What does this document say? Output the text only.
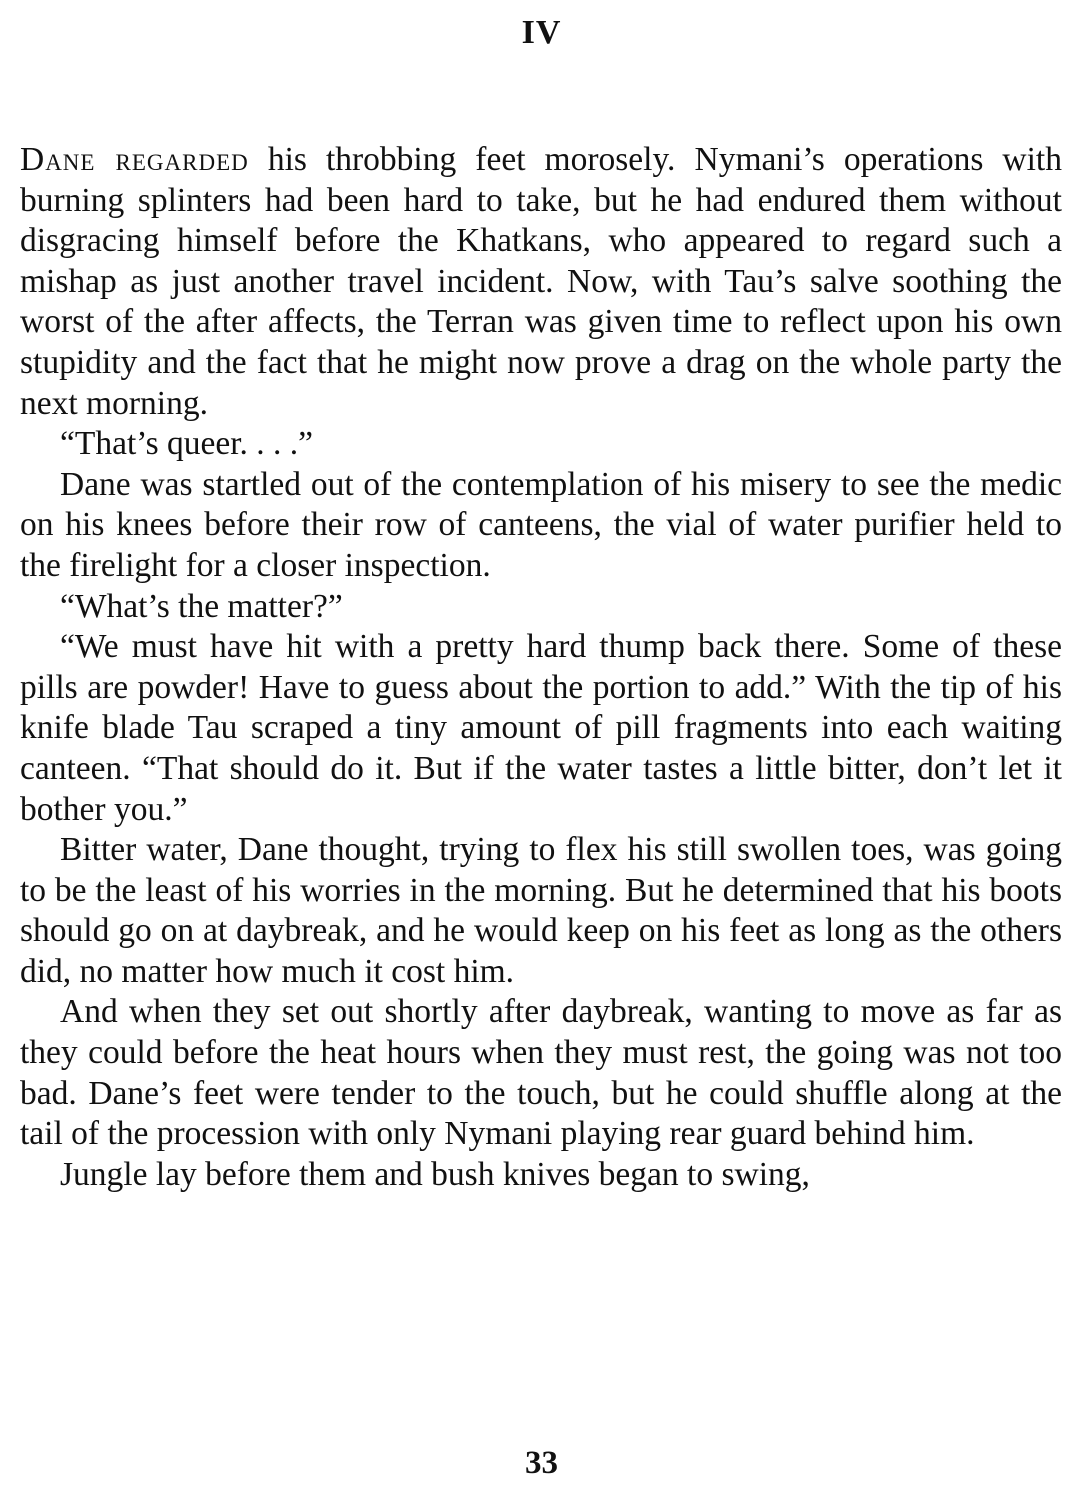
IV

Dane regarded his throbbing feet morosely. Nymani’s operations with burning splinters had been hard to take, but he had endured them without disgracing himself before the Khatkans, who appeared to regard such a mishap as just another travel incident. Now, with Tau’s salve soothing the worst of the after affects, the Terran was given time to reflect upon his own stupidity and the fact that he might now prove a drag on the whole party the next morning.

“That’s queer. . . .”

Dane was startled out of the contemplation of his misery to see the medic on his knees before their row of canteens, the vial of water purifier held to the firelight for a closer inspection.

“What’s the matter?”

“We must have hit with a pretty hard thump back there. Some of these pills are powder! Have to guess about the portion to add.” With the tip of his knife blade Tau scraped a tiny amount of pill fragments into each waiting canteen. “That should do it. But if the water tastes a little bitter, don’t let it bother you.”

Bitter water, Dane thought, trying to flex his still swollen toes, was going to be the least of his worries in the morning. But he determined that his boots should go on at daybreak, and he would keep on his feet as long as the others did, no matter how much it cost him.

And when they set out shortly after daybreak, wanting to move as far as they could before the heat hours when they must rest, the going was not too bad. Dane’s feet were tender to the touch, but he could shuffle along at the tail of the procession with only Nymani playing rear guard behind him.

Jungle lay before them and bush knives began to swing,

33
